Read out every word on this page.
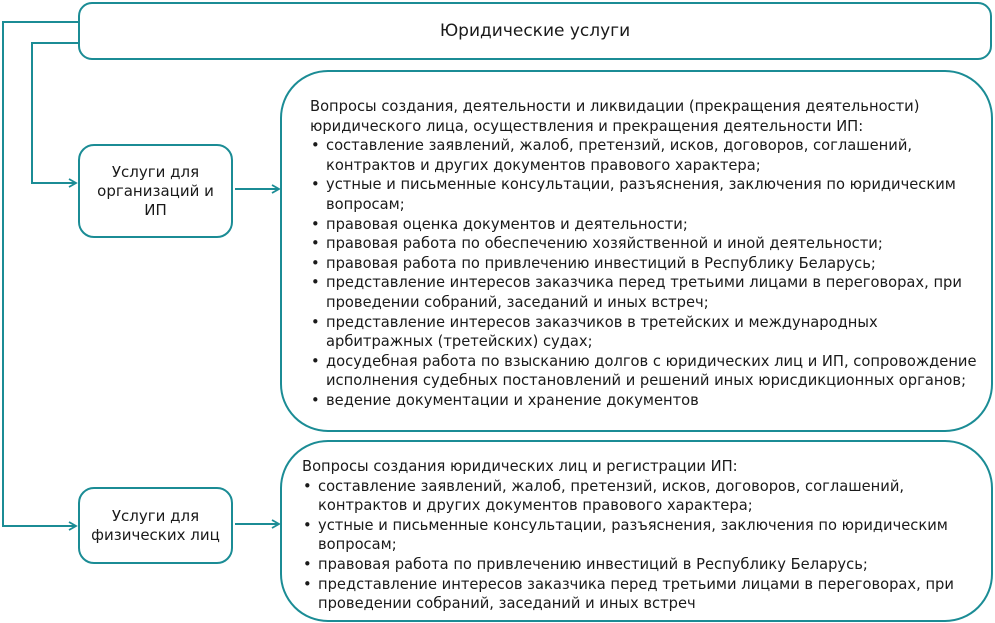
Юридические услуги
Услуги для организаций и ИП
Услуги для физических лиц

Вопросы создания, деятельности и ликвидации (прекращения деятельности) юридического лица, осуществления и прекращения деятельности ИП:

• составление заявлений, жалоб, претензий, исков, договоров, соглашений, контрактов и других документов правового характера;
• устные и письменные консультации, разъяснения, заключения по юридическим вопросам;
• правовая оценка документов и деятельности;
• правовая работа по обеспечению хозяйственной и иной деятельности;
• правовая работа по привлечению инвестиций в Республику Беларусь;
• представление интересов заказчика перед третьими лицами в переговорах, при проведении собраний, заседаний и иных встреч;
• представление интересов заказчиков в третейских и международных арбитражных (третейских) судах;
• досудебная работа по взысканию долгов с юридических лиц и ИП, сопровождение исполнения судебных постановлений и решений иных юрисдикционных органов;
• ведение документации и хранение документов

Вопросы создания юридических лиц и регистрации ИП:

• составление заявлений, жалоб, претензий, исков, договоров, соглашений, контрактов и других документов правового характера;
• устные и письменные консультации, разъяснения, заключения по юридическим вопросам;
• правовая работа по привлечению инвестиций в Республику Беларусь;
• представление интересов заказчика перед третьими лицами в переговорах, при проведении собраний, заседаний и иных встреч
